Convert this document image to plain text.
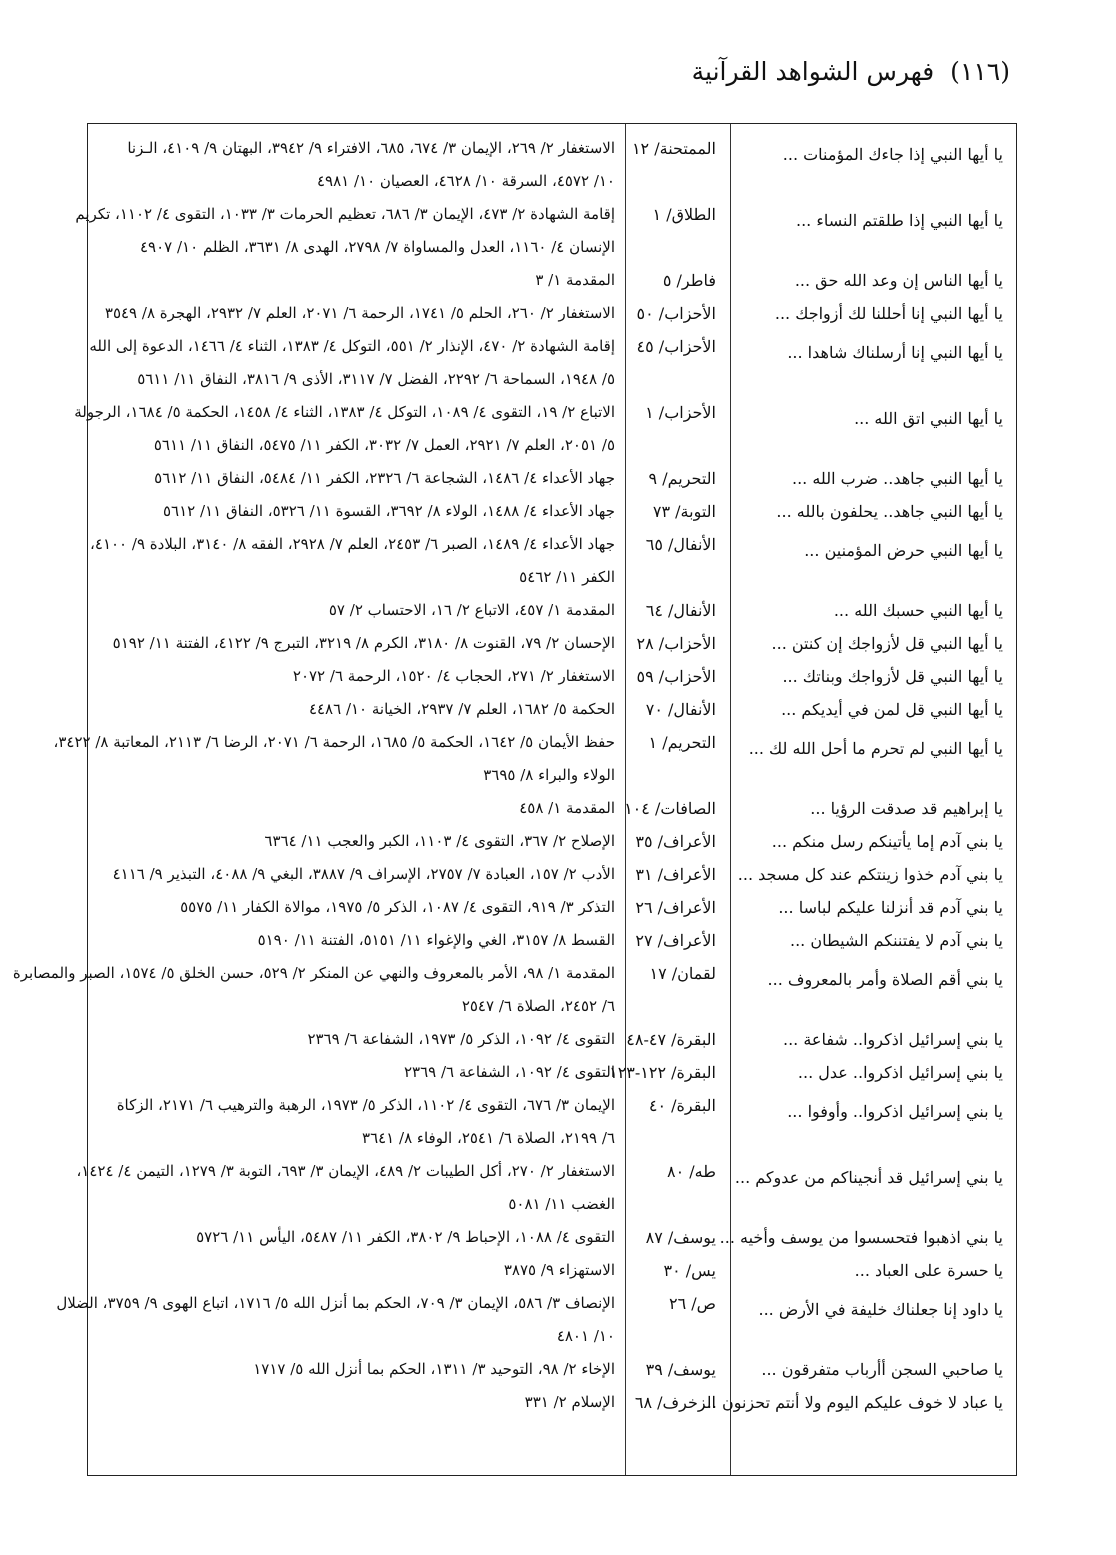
(١١٦) فهرس الشواهد القرآنية
يا أيها النبي إذا جاءك المؤمنات ...
الممتحنة/ ١٢
الاستغفار ٢/ ٢٦٩، الإيمان ٣/ ٦٧٤، ٦٨٥، الافتراء ٩/ ٣٩٤٢، البهتان ٩/ ٤١٠٩، الـزنا
١٠/ ٤٥٧٢، السرقة ١٠/ ٤٦٢٨، العصيان ١٠/ ٤٩٨١
يا أيها النبي إذا طلقتم النساء ...
الطلاق/ ١
إقامة الشهادة ٢/ ٤٧٣، الإيمان ٣/ ٦٨٦، تعظيم الحرمات ٣/ ١٠٣٣، التقوى ٤/ ١١٠٢، تكريم
الإنسان ٤/ ١١٦٠، العدل والمساواة ٧/ ٢٧٩٨، الهدى ٨/ ٣٦٣١، الظلم ١٠/ ٤٩٠٧
يا أيها الناس إن وعد الله حق ...
فاطر/ ٥
المقدمة ١/ ٣
يا أيها النبي إنا أحللنا لك أزواجك ...
الأحزاب/ ٥٠
الاستغفار ٢/ ٢٦٠، الحلم ٥/ ١٧٤١، الرحمة ٦/ ٢٠٧١، العلم ٧/ ٢٩٣٢، الهجرة ٨/ ٣٥٤٩
يا أيها النبي إنا أرسلناك شاهدا ...
الأحزاب/ ٤٥
إقامة الشهادة ٢/ ٤٧٠، الإنذار ٢/ ٥٥١، التوكل ٤/ ١٣٨٣، الثناء ٤/ ١٤٦٦، الدعوة إلى الله
٥/ ١٩٤٨، السماحة ٦/ ٢٢٩٢، الفضل ٧/ ٣١١٧، الأذى ٩/ ٣٨١٦، النفاق ١١/ ٥٦١١
يا أيها النبي اتق الله ...
الأحزاب/ ١
الاتباع ٢/ ١٩، التقوى ٤/ ١٠٨٩، التوكل ٤/ ١٣٨٣، الثناء ٤/ ١٤٥٨، الحكمة ٥/ ١٦٨٤، الرجولة
٥/ ٢٠٥١، العلم ٧/ ٢٩٢١، العمل ٧/ ٣٠٣٢، الكفر ١١/ ٥٤٧٥، النفاق ١١/ ٥٦١١
يا أيها النبي جاهد.. ضرب الله ...
التحريم/ ٩
جهاد الأعداء ٤/ ١٤٨٦، الشجاعة ٦/ ٢٣٢٦، الكفر ١١/ ٥٤٨٤، النفاق ١١/ ٥٦١٢
يا أيها النبي جاهد.. يحلفون بالله ...
التوبة/ ٧٣
جهاد الأعداء ٤/ ١٤٨٨، الولاء ٨/ ٣٦٩٢، القسوة ١١/ ٥٣٢٦، النفاق ١١/ ٥٦١٢
يا أيها النبي حرض المؤمنين ...
الأنفال/ ٦٥
جهاد الأعداء ٤/ ١٤٨٩، الصبر ٦/ ٢٤٥٣، العلم ٧/ ٢٩٢٨، الفقه ٨/ ٣١٤٠، البلادة ٩/ ٤١٠٠،
الكفر ١١/ ٥٤٦٢
يا أيها النبي حسبك الله ...
الأنفال/ ٦٤
المقدمة ١/ ٤٥٧، الاتباع ٢/ ١٦، الاحتساب ٢/ ٥٧
يا أيها النبي قل لأزواجك إن كنتن ...
الأحزاب/ ٢٨
الإحسان ٢/ ٧٩، القنوت ٨/ ٣١٨٠، الكرم ٨/ ٣٢١٩، التبرج ٩/ ٤١٢٢، الفتنة ١١/ ٥١٩٢
يا أيها النبي قل لأزواجك وبناتك ...
الأحزاب/ ٥٩
الاستغفار ٢/ ٢٧١، الحجاب ٤/ ١٥٢٠، الرحمة ٦/ ٢٠٧٢
يا أيها النبي قل لمن في أيديكم ...
الأنفال/ ٧٠
الحكمة ٥/ ١٦٨٢، العلم ٧/ ٢٩٣٧، الخيانة ١٠/ ٤٤٨٦
يا أيها النبي لم تحرم ما أحل الله لك ...
التحريم/ ١
حفظ الأيمان ٥/ ١٦٤٢، الحكمة ٥/ ١٦٨٥، الرحمة ٦/ ٢٠٧١، الرضا ٦/ ٢١١٣، المعاتبة ٨/ ٣٤٢٢،
الولاء والبراء ٨/ ٣٦٩٥
يا إبراهيم قد صدقت الرؤيا ...
الصافات/ ١٠٤
المقدمة ١/ ٤٥٨
يا بني آدم إما يأتينكم رسل منكم ...
الأعراف/ ٣٥
الإصلاح ٢/ ٣٦٧، التقوى ٤/ ١١٠٣، الكبر والعجب ١١/ ٦٣٦٤
يا بني آدم خذوا زينتكم عند كل مسجد ...
الأعراف/ ٣١
الأدب ٢/ ١٥٧، العبادة ٧/ ٢٧٥٧، الإسراف ٩/ ٣٨٨٧، البغي ٩/ ٤٠٨٨، التبذير ٩/ ٤١١٦
يا بني آدم قد أنزلنا عليكم لباسا ...
الأعراف/ ٢٦
التذكر ٣/ ٩١٩، التقوى ٤/ ١٠٨٧، الذكر ٥/ ١٩٧٥، موالاة الكفار ١١/ ٥٥٧٥
يا بني آدم لا يفتننكم الشيطان ...
الأعراف/ ٢٧
القسط ٨/ ٣١٥٧، الغي والإغواء ١١/ ٥١٥١، الفتنة ١١/ ٥١٩٠
يا بني أقم الصلاة وأمر بالمعروف ...
لقمان/ ١٧
المقدمة ١/ ٩٨، الأمر بالمعروف والنهي عن المنكر ٢/ ٥٢٩، حسن الخلق ٥/ ١٥٧٤، الصبر والمصابرة
٦/ ٢٤٥٢، الصلاة ٦/ ٢٥٤٧
يا بني إسرائيل اذكروا.. شفاعة ...
البقرة/ ٤٧-٤٨
التقوى ٤/ ١٠٩٢، الذكر ٥/ ١٩٧٣، الشفاعة ٦/ ٢٣٦٩
يا بني إسرائيل اذكروا.. عدل ...
البقرة/ ١٢٢-١٢٣
التقوى ٤/ ١٠٩٢، الشفاعة ٦/ ٢٣٦٩
يا بني إسرائيل اذكروا.. وأوفوا ...
البقرة/ ٤٠
الإيمان ٣/ ٦٧٦، التقوى ٤/ ١١٠٢، الذكر ٥/ ١٩٧٣، الرهبة والترهيب ٦/ ٢١٧١، الزكاة
٦/ ٢١٩٩، الصلاة ٦/ ٢٥٤١، الوفاء ٨/ ٣٦٤١
يا بني إسرائيل قد أنجيناكم من عدوكم ...
طه/ ٨٠
الاستغفار ٢/ ٢٧٠، أكل الطيبات ٢/ ٤٨٩، الإيمان ٣/ ٦٩٣، التوبة ٣/ ١٢٧٩، التيمن ٤/ ١٤٢٤،
الغضب ١١/ ٥٠٨١
يا بني اذهبوا فتحسسوا من يوسف وأخيه ...
يوسف/ ٨٧
التقوى ٤/ ١٠٨٨، الإحباط ٩/ ٣٨٠٢، الكفر ١١/ ٥٤٨٧، اليأس ١١/ ٥٧٢٦
يا حسرة على العباد ...
يس/ ٣٠
الاستهزاء ٩/ ٣٨٧٥
يا داود إنا جعلناك خليفة في الأرض ...
ص/ ٢٦
الإنصاف ٣/ ٥٨٦، الإيمان ٣/ ٧٠٩، الحكم بما أنزل الله ٥/ ١٧١٦، اتباع الهوى ٩/ ٣٧٥٩، الضلال
١٠/ ٤٨٠١
يا صاحبي السجن أأرباب متفرقون ...
يوسف/ ٣٩
الإخاء ٢/ ٩٨، التوحيد ٣/ ١٣١١، الحكم بما أنزل الله ٥/ ١٧١٧
يا عباد لا خوف عليكم اليوم ولا أنتم تحزنون ...
الزخرف/ ٦٨
الإسلام ٢/ ٣٣١
